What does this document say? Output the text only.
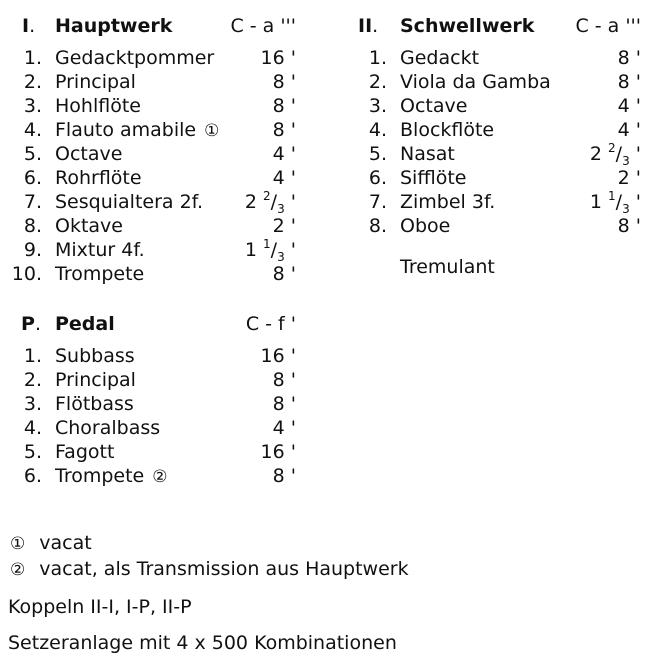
I. Hauptwerk	C - a '''
1. Gedacktpommer 16 '
2. Principal	8 '
3. Hohlflöte	8 '
4. Flauto amabile ①	8 '
5. Octave	4 '
6. Rohrflöte	4 '
7. Sesquialtera 2f. 2 $^2/_3$ '
8. Oktave	2 '
9. Mixtur 4f.	1 $^1/_3$ '
10. Trompete	8 '
II. Schwellwerk C - a '''
1. Gedackt	8 '
2. Viola da Gamba	8 '
3. Octave	4 '
4. Blockflöte	4 '
5. Nasat	2 $^2/_3$ '
6. Sifflöte	2 '
7. Zimbel 3f.	1 $^1/_3$ '
8. Oboe	8 '
Tremulant
P. Pedal	C - f '
1. Subbass	16 '
2. Principal	8 '
3. Flötbass	8 '
4. Choralbass	4 '
5. Fagott	16 '
6. Trompete ②	8 '
① vacat
② vacat, als Transmission aus Hauptwerk
Koppeln II-I, I-P, II-P
Setzeranlage mit 4 x 500 Kombinationen
